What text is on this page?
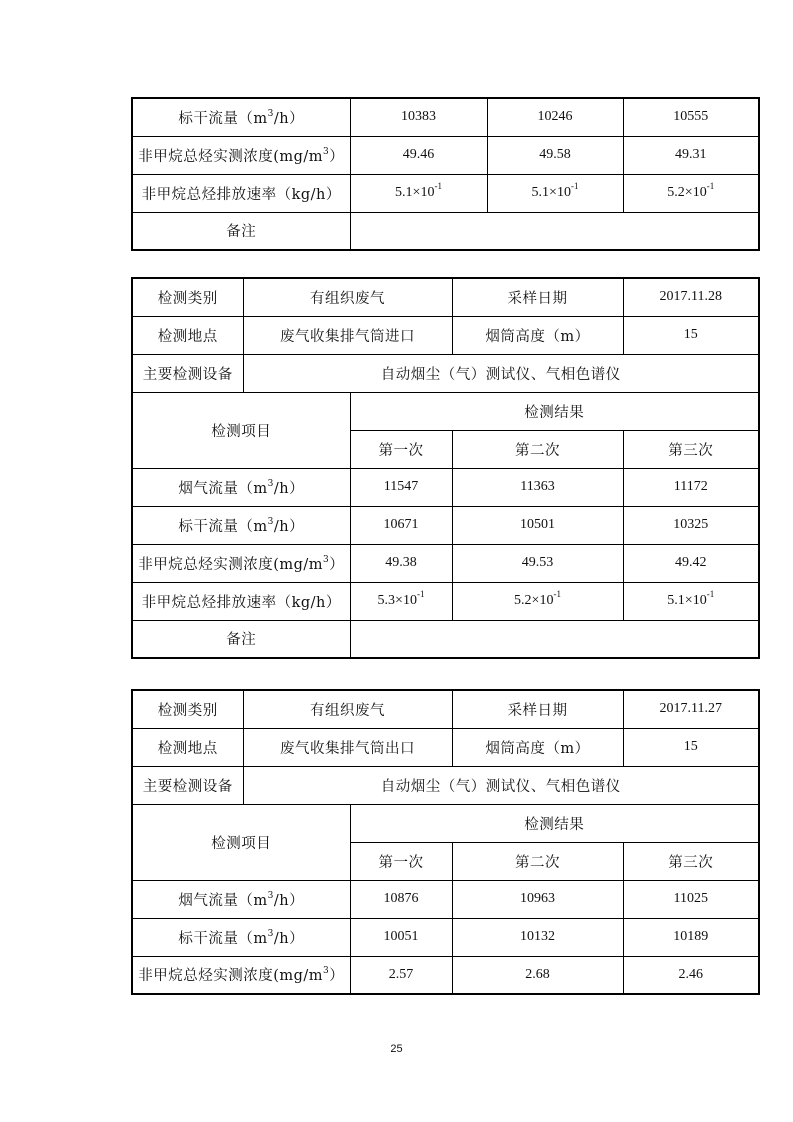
标干流量$(m^3/h)$	10383	10246	10555
非甲烷总烃实测浓度$(mg/m^3)$	49.46	49.58	49.31
非甲烷总烃排放速率（kg/h）	$5.1\times 10^{-1}$	$5.1\times 10^{-1}$	$5.2\times 10^{-1}$
备注			
检测类别	有组织废气		采样日期	2017.11.28
检测地点	废气收集排气筒进口		烟筒高度（m）	15
主要检测设备	自动烟尘（气）测试仪、气相色谱仪			
检测项目		检测结果		
		第一次	第二次	第三次
烟气流量$(m^3/h)$		11547	11363	11172
标干流量$(m^3/h)$		10671	10501	10325
非甲烷总烃实测浓度$(mg/m^3)$		49.38	49.53	49.42
非甲烷总烃排放速率（kg/h）		$5.3\times 10^{-1}$	$5.2\times 10^{-1}$	$5.1\times 10^{-1}$
备注				
检测类别	有组织废气		采样日期	2017.11.27
检测地点	废气收集排气筒出口		烟筒高度（m）	15
主要检测设备	自动烟尘（气）测试仪、气相色谱仪			
检测项目		检测结果		
		第一次	第二次	第三次
烟气流量$(m^3/h)$		10876	10963	11025
标干流量$(m^3/h)$		10051	10132	10189
非甲烷总烃实测浓度$(mg/m^3)$		2.57	2.68	2.46
25
